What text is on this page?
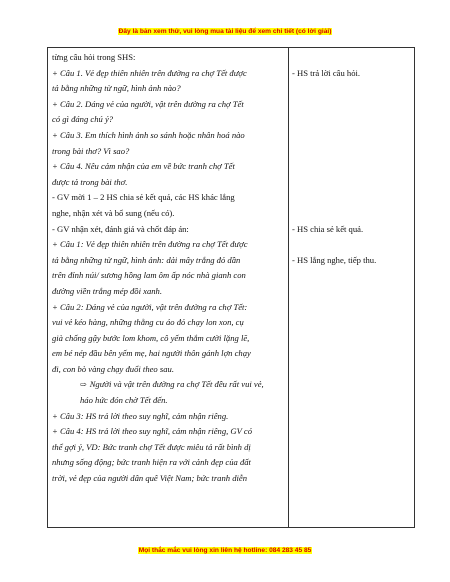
Đây là bản xem thử, vui lòng mua tài liệu để xem chi tiết (có lời giải)
từng câu hỏi trong SHS:
+ Câu 1. Vẻ đẹp thiên nhiên trên đường ra chợ Tết được
tả bằng những từ ngữ, hình ảnh nào?
+ Câu 2. Dáng vẻ của người, vật trên đường ra chợ Tết
có gì đáng chú ý?
+ Câu 3. Em thích hình ảnh so sánh hoặc nhân hoá nào
trong bài thơ? Vì sao?
+ Câu 4. Nêu cảm nhận của em về bức tranh chợ Tết
được tả trong bài thơ.
- GV mời 1 – 2 HS chia sẻ kết quả, các HS khác lắng
nghe, nhận xét và bổ sung (nếu có).
- GV nhận xét, đánh giá và chốt đáp án:
+ Câu 1: Vẻ đẹp thiên nhiên trên đường ra chợ Tết được
tả bằng những từ ngữ, hình ảnh: dải mây trắng đỏ dần
trên đỉnh núi/ sương hồng lam ôm ấp nóc nhà gianh con
đường viền trắng mép đồi xanh.
+ Câu 2: Dáng vẻ của người, vật trên đường ra chợ Tết:
vui vẻ kéo hàng, những thằng cu áo đỏ chạy lon xon, cụ
già chống gậy bước lom khom, cô yếm thắm cười lặng lẽ,
em bé nép đầu bên yếm mẹ, hai người thôn gánh lợn chạy
đi, con bò vàng chạy đuổi theo sau.
⇨ Người và vật trên đường ra chợ Tết đều rất vui vẻ,
háo hức đón chờ Tết đến.
+ Câu 3: HS trả lời theo suy nghĩ, cảm nhận riêng.
+ Câu 4: HS trả lời theo suy nghĩ, cảm nhận riêng, GV có
thể gợi ý, VD: Bức tranh chợ Tết được miêu tả rất bình dị
nhưng sống động; bức tranh hiện ra với cảnh đẹp của đất
trời, vẻ đẹp của người dân quê Việt Nam; bức tranh diễn
- HS trả lời câu hỏi.
- HS chia sẻ kết quả.
- HS lắng nghe, tiếp thu.
Mọi thắc mắc vui lòng xin liên hệ hotline: 084 283 45 85
